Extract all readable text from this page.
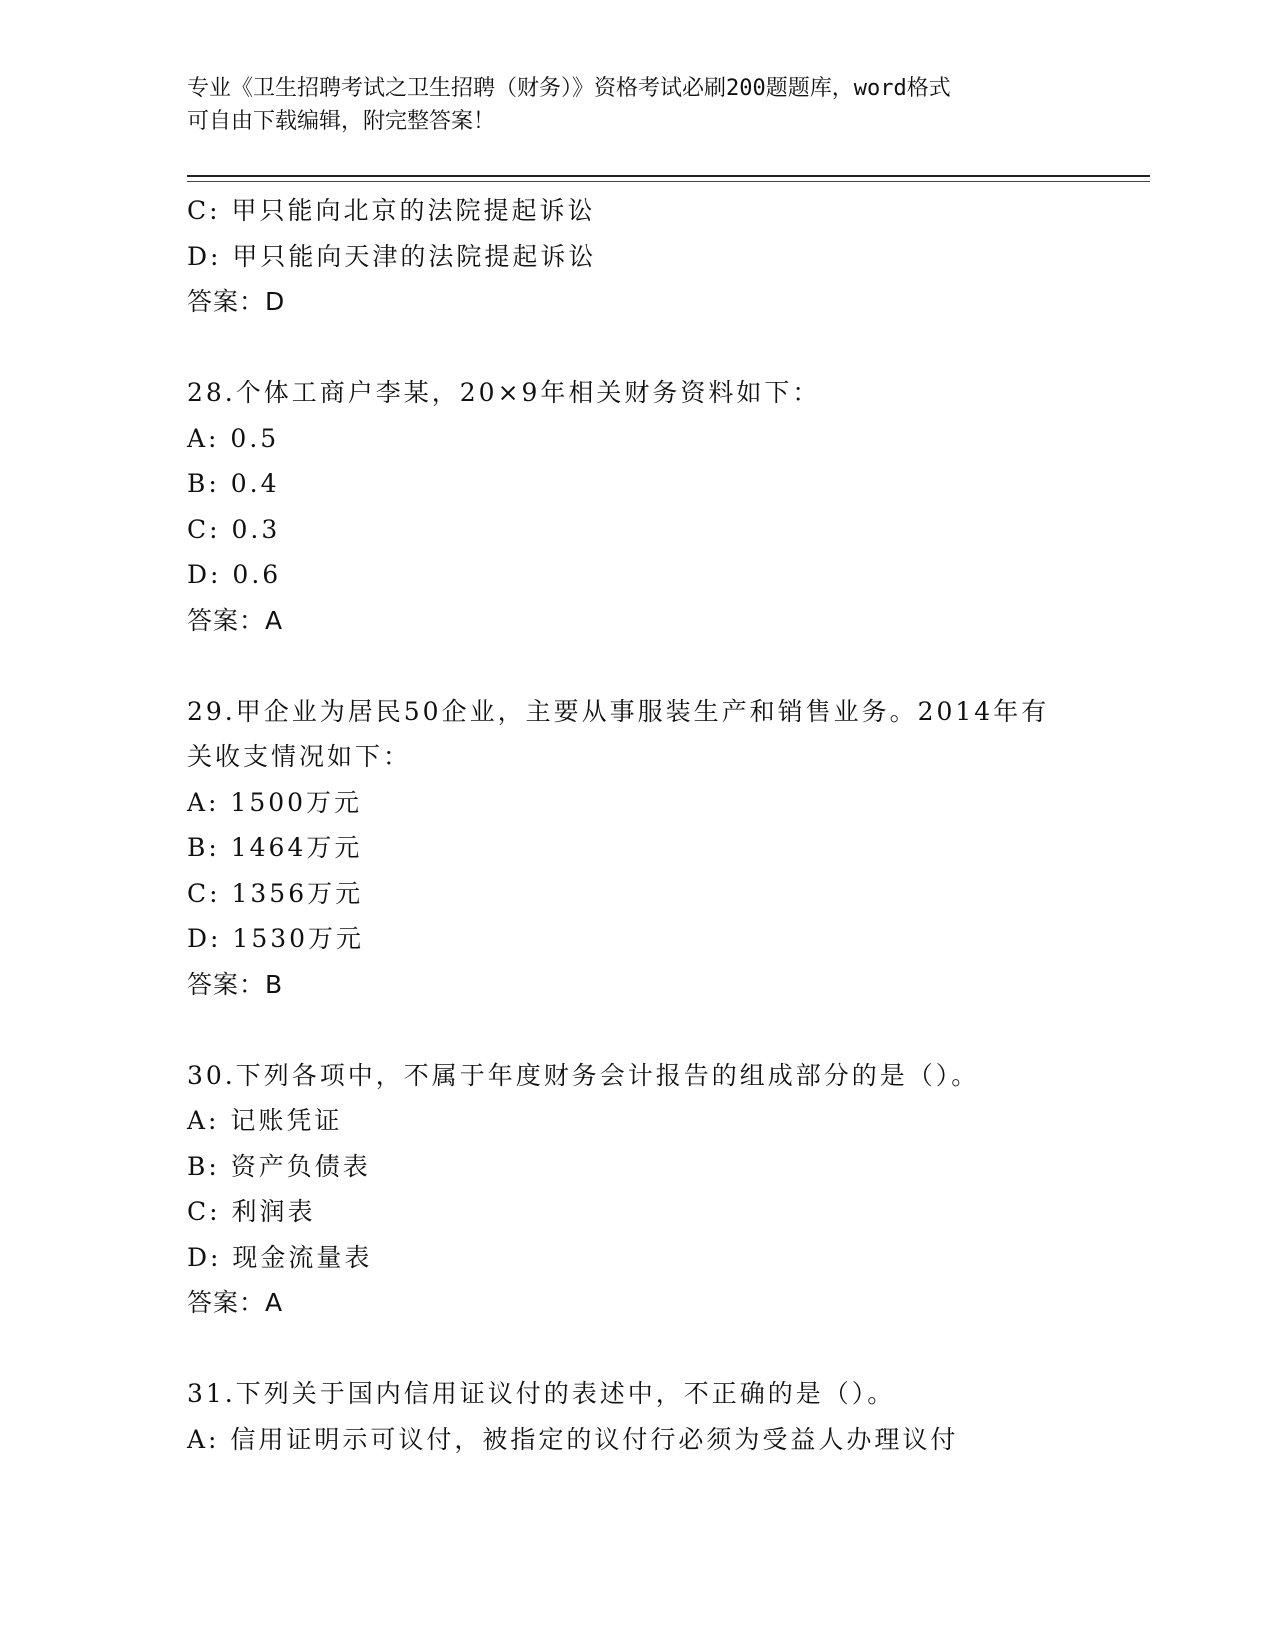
专业《卫生招聘考试之卫生招聘（财务）》资格考试必刷200题题库，word格式
可自由下载编辑，附完整答案！
C: 甲只能向北京的法院提起诉讼
D: 甲只能向天津的法院提起诉讼
答案：D
28.个体工商户李某，20×9年相关财务资料如下：
A: 0.5
B: 0.4
C: 0.3
D: 0.6
答案：A
29.甲企业为居民50企业，主要从事服装生产和销售业务。2014年有
关收支情况如下：
A: 1500万元
B: 1464万元
C: 1356万元
D: 1530万元
答案：B
30.下列各项中，不属于年度财务会计报告的组成部分的是（）。
A: 记账凭证
B: 资产负债表
C: 利润表
D: 现金流量表
答案：A
31.下列关于国内信用证议付的表述中，不正确的是（）。
A: 信用证明示可议付，被指定的议付行必须为受益人办理议付
